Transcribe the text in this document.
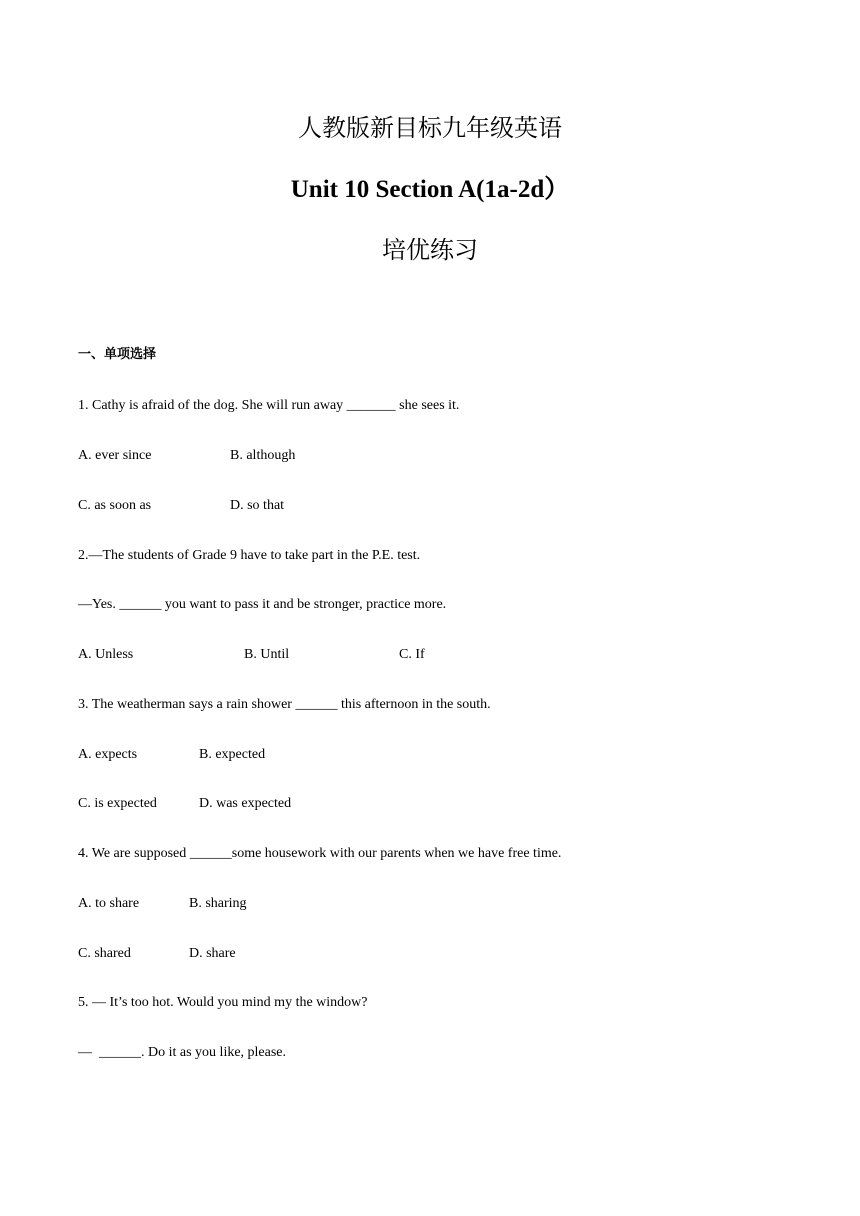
人教版新目标九年级英语
Unit 10 Section A(1a-2d）
培优练习
一、单项选择
1. Cathy is afraid of the dog. She will run away _______ she sees it.
A. ever since	B. although
C. as soon as	D. so that
2.—The students of Grade 9 have to take part in the P.E. test.
—Yes. ______ you want to pass it and be stronger, practice more.
A. Unless	B. Until	C. If
3. The weatherman says a rain shower ______ this afternoon in the south.
A. expects	B. expected
C. is expected	D. was expected
4. We are supposed ______some housework with our parents when we have free time.
A. to share	B. sharing
C. shared	D. share
5. — It’s too hot. Would you mind my the window?
—  ______. Do it as you like, please.
